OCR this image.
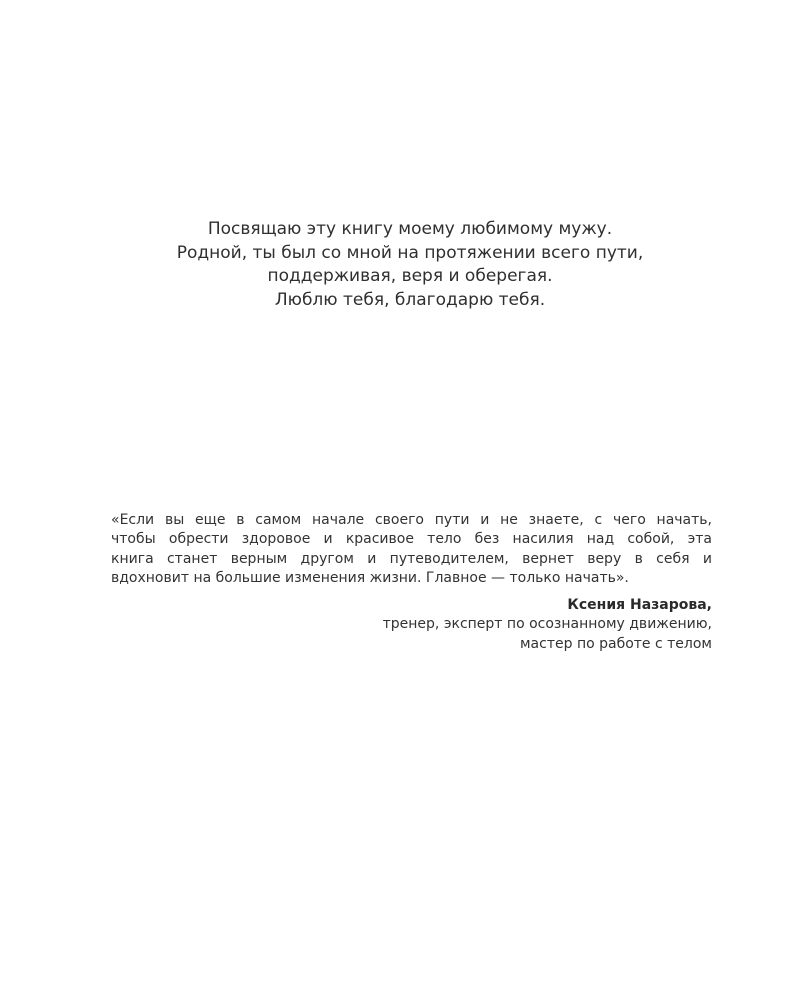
Посвящаю эту книгу моему любимому мужу.
Родной, ты был со мной на протяжении всего пути,
поддерживая, веря и оберегая.
Люблю тебя, благодарю тебя.

«Если вы еще в самом начале своего пути и не знаете, с чего начать,
чтобы обрести здоровое и красивое тело без насилия над собой, эта
книга станет верным другом и путеводителем, вернет веру в себя и
вдохновит на большие изменения жизни. Главное — только начать».

Ксения Назарова,
тренер, эксперт по осознанному движению,
мастер по работе с телом
